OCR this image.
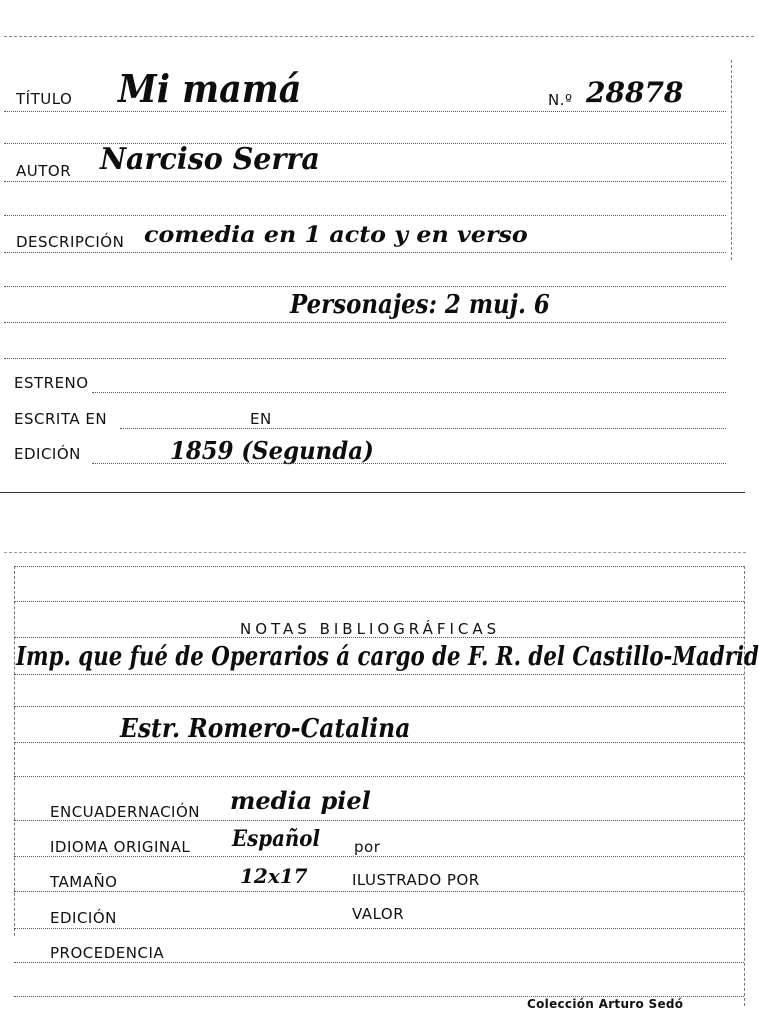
TÍTULO Mi mamá	N.º 28878
AUTOR Narciso Serra
DESCRIPCIÓN comedia en 1 acto y en verso
Personajes: 2 muj. 6
ESTRENO
ESCRITA EN	EN
EDICIÓN	1859 (Segunda)
NOTAS BIBLIOGRÁFICAS
Imp. que fué de Operarios á cargo de F. R. del Castillo-Madrid
Estr. Romero-Catalina
ENCUADERNACIÓN media piel
IDIOMA ORIGINAL Español por
TAMAÑO	12x17	ILUSTRADO POR
EDICIÓN	VALOR
PROCEDENCIA
Colección Arturo Sedó
